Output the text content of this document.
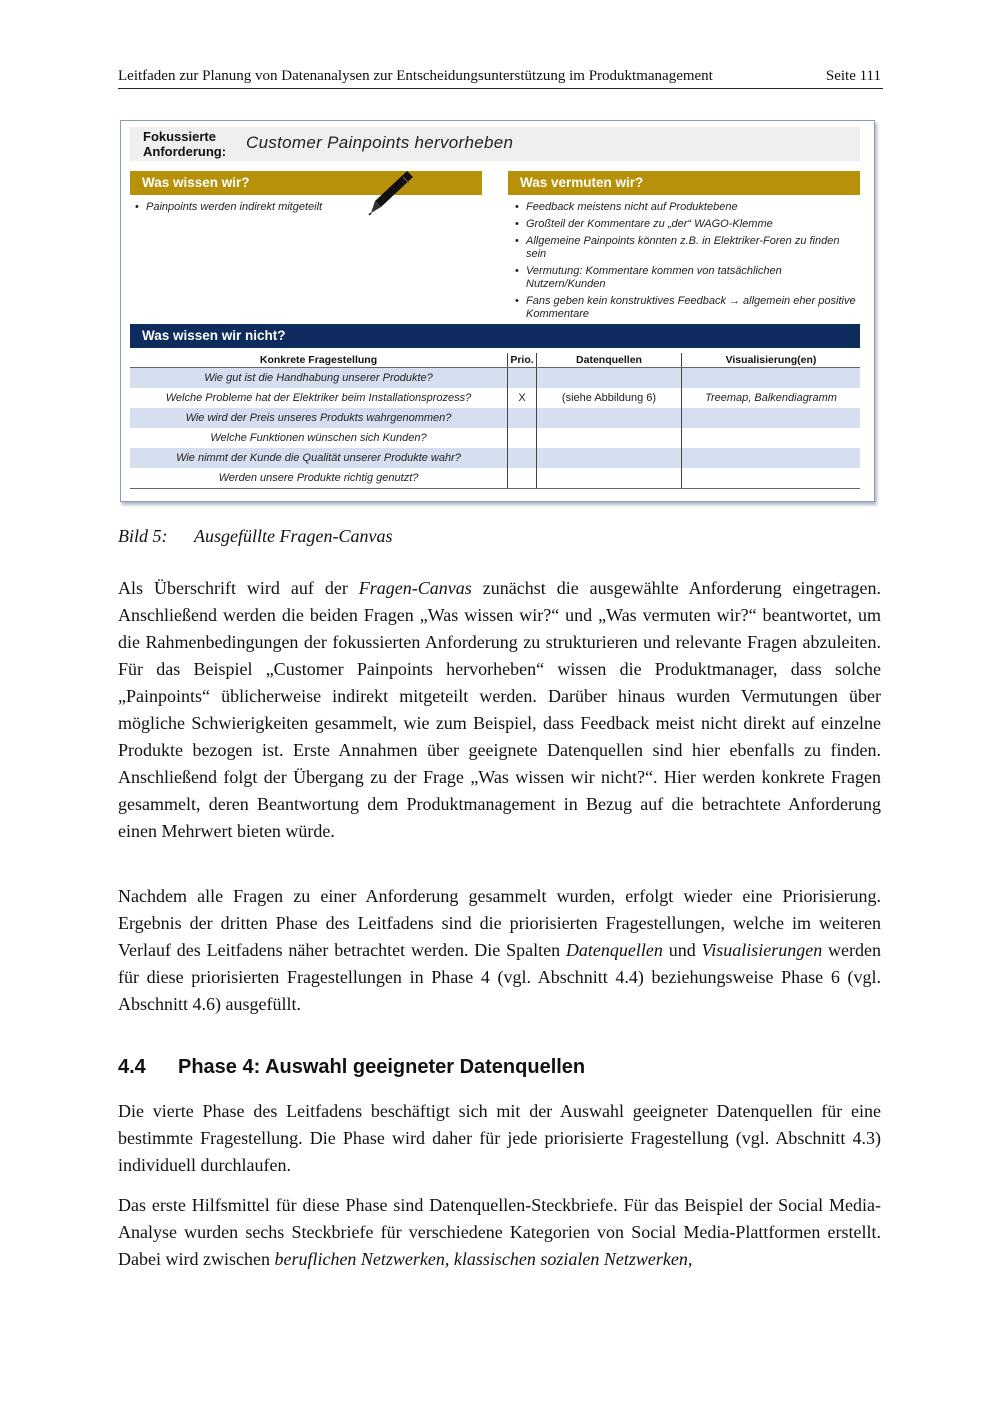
Leitfaden zur Planung von Datenanalysen zur Entscheidungsunterstützung im Produktmanagement	Seite 111
Fokussierte
Anforderung: Customer Painpoints hervorheben
Was wissen wir?	Was vermuten wir?
• Painpoints werden indirekt mitgeteilt	• Feedback meistens nicht auf Produktebene
• Großteil der Kommentare zu „der“ WAGO-Klemme
• Allgemeine Painpoints könnten z.B. in Elektriker-Foren zu finden sein
• Vermutung: Kommentare kommen von tatsächlichen Nutzern/Kunden
• Fans geben kein konstruktives Feedback → allgemein eher positive Kommentare
Was wissen wir nicht?
Konkrete Fragestellung	Prio.	Datenquellen	Visualisierung(en)
Wie gut ist die Handhabung unserer Produkte?			
Welche Probleme hat der Elektriker beim Installationsprozess?	X	(siehe Abbildung 6)	Treemap, Balkendiagramm
Wie wird der Preis unseres Produkts wahrgenommen?			
Welche Funktionen wünschen sich Kunden?			
Wie nimmt der Kunde die Qualität unserer Produkte wahr?			
Werden unsere Produkte richtig genutzt?			
Bild 5: Ausgefüllte Fragen-Canvas

Als Überschrift wird auf der Fragen-Canvas zunächst die ausgewählte Anforderung eingetragen. Anschließend werden die beiden Fragen „Was wissen wir?“ und „Was vermuten wir?“ beantwortet, um die Rahmenbedingungen der fokussierten Anforderung zu strukturieren und relevante Fragen abzuleiten. Für das Beispiel „Customer Painpoints hervorheben“ wissen die Produktmanager, dass solche „Painpoints“ üblicherweise indirekt mitgeteilt werden. Darüber hinaus wurden Vermutungen über mögliche Schwierigkeiten gesammelt, wie zum Beispiel, dass Feedback meist nicht direkt auf einzelne Produkte bezogen ist. Erste Annahmen über geeignete Datenquellen sind hier ebenfalls zu finden. Anschließend folgt der Übergang zu der Frage „Was wissen wir nicht?“. Hier werden konkrete Fragen gesammelt, deren Beantwortung dem Produktmanagement in Bezug auf die betrachtete Anforderung einen Mehrwert bieten würde.

Nachdem alle Fragen zu einer Anforderung gesammelt wurden, erfolgt wieder eine Priorisierung. Ergebnis der dritten Phase des Leitfadens sind die priorisierten Fragestellungen, welche im weiteren Verlauf des Leitfadens näher betrachtet werden. Die Spalten Datenquellen und Visualisierungen werden für diese priorisierten Fragestellungen in Phase 4 (vgl. Abschnitt 4.4) beziehungsweise Phase 6 (vgl. Abschnitt 4.6) ausgefüllt.

4.4 Phase 4: Auswahl geeigneter Datenquellen

Die vierte Phase des Leitfadens beschäftigt sich mit der Auswahl geeigneter Datenquellen für eine bestimmte Fragestellung. Die Phase wird daher für jede priorisierte Fragestellung (vgl. Abschnitt 4.3) individuell durchlaufen.

Das erste Hilfsmittel für diese Phase sind Datenquellen-Steckbriefe. Für das Beispiel der Social Media-Analyse wurden sechs Steckbriefe für verschiedene Kategorien von Social Media-Plattformen erstellt. Dabei wird zwischen beruflichen Netzwerken, klassischen sozialen Netzwerken,
